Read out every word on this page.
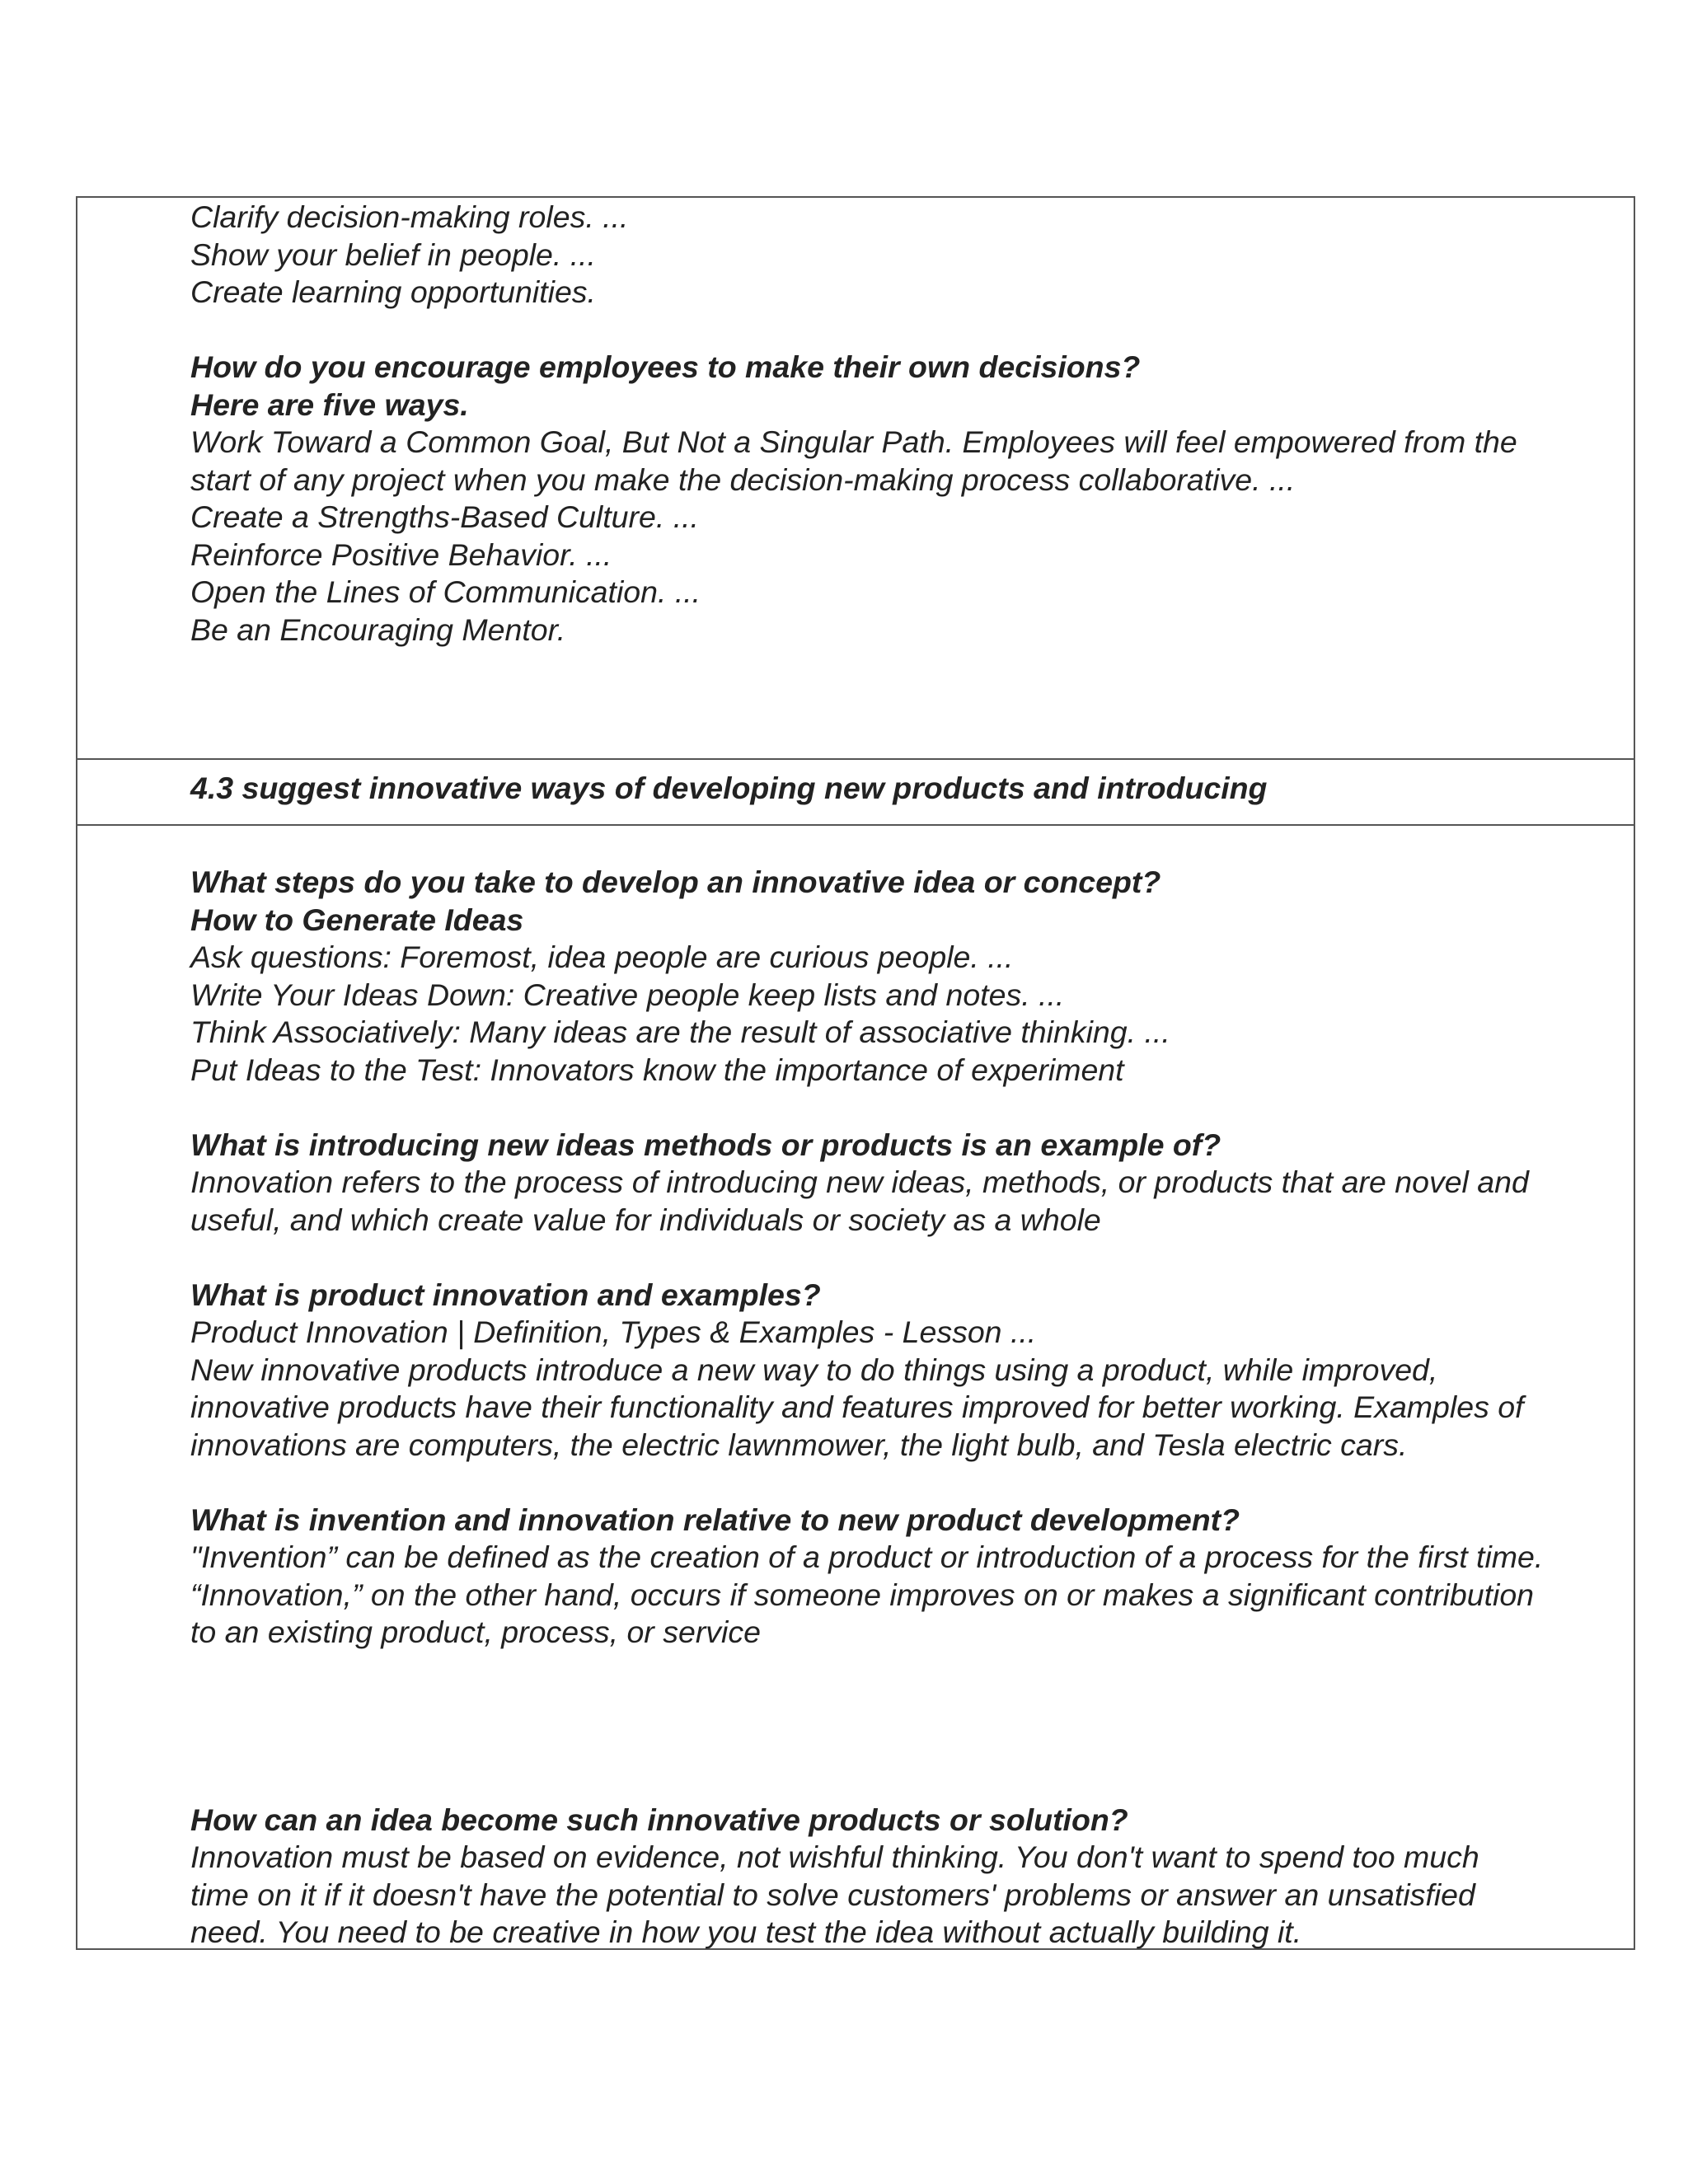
Clarify decision-making roles. ...
Show your belief in people. ...
Create learning opportunities.
How do you encourage employees to make their own decisions?
Here are five ways.
Work Toward a Common Goal, But Not a Singular Path. Employees will feel empowered from the
start of any project when you make the decision-making process collaborative. ...
Create a Strengths-Based Culture. ...
Reinforce Positive Behavior. ...
Open the Lines of Communication. ...
Be an Encouraging Mentor.
4.3 suggest innovative ways of developing new products and introducing
What steps do you take to develop an innovative idea or concept?
How to Generate Ideas
Ask questions: Foremost, idea people are curious people. ...
Write Your Ideas Down: Creative people keep lists and notes. ...
Think Associatively: Many ideas are the result of associative thinking. ...
Put Ideas to the Test: Innovators know the importance of experiment
What is introducing new ideas methods or products is an example of?
Innovation refers to the process of introducing new ideas, methods, or products that are novel and
useful, and which create value for individuals or society as a whole
What is product innovation and examples?
Product Innovation | Definition, Types & Examples - Lesson ...
New innovative products introduce a new way to do things using a product, while improved,
innovative products have their functionality and features improved for better working. Examples of
innovations are computers, the electric lawnmower, the light bulb, and Tesla electric cars.
What is invention and innovation relative to new product development?
"Invention” can be defined as the creation of a product or introduction of a process for the first time.
“Innovation,” on the other hand, occurs if someone improves on or makes a significant contribution
to an existing product, process, or service
How can an idea become such innovative products or solution?
Innovation must be based on evidence, not wishful thinking. You don't want to spend too much
time on it if it doesn't have the potential to solve customers' problems or answer an unsatisfied
need. You need to be creative in how you test the idea without actually building it.
